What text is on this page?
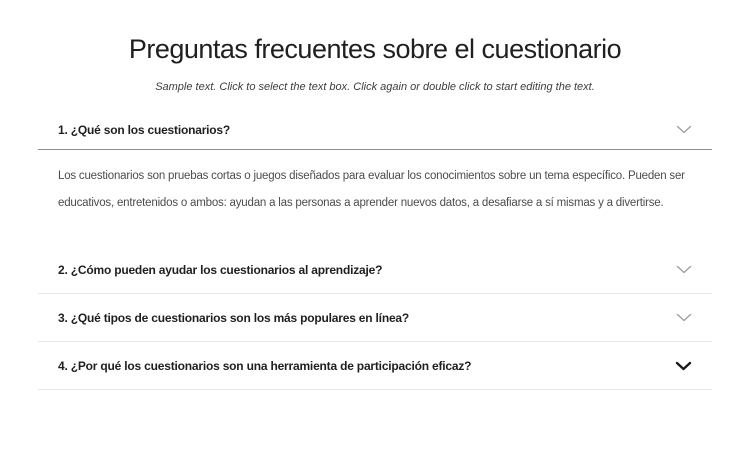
Preguntas frecuentes sobre el cuestionario
Sample text. Click to select the text box. Click again or double click to start editing the text.
1. ¿Qué son los cuestionarios?
Los cuestionarios son pruebas cortas o juegos diseñados para evaluar los conocimientos sobre un tema específico. Pueden ser educativos, entretenidos o ambos: ayudan a las personas a aprender nuevos datos, a desafiarse a sí mismas y a divertirse.
2. ¿Cómo pueden ayudar los cuestionarios al aprendizaje?
3. ¿Qué tipos de cuestionarios son los más populares en línea?
4. ¿Por qué los cuestionarios son una herramienta de participación eficaz?
